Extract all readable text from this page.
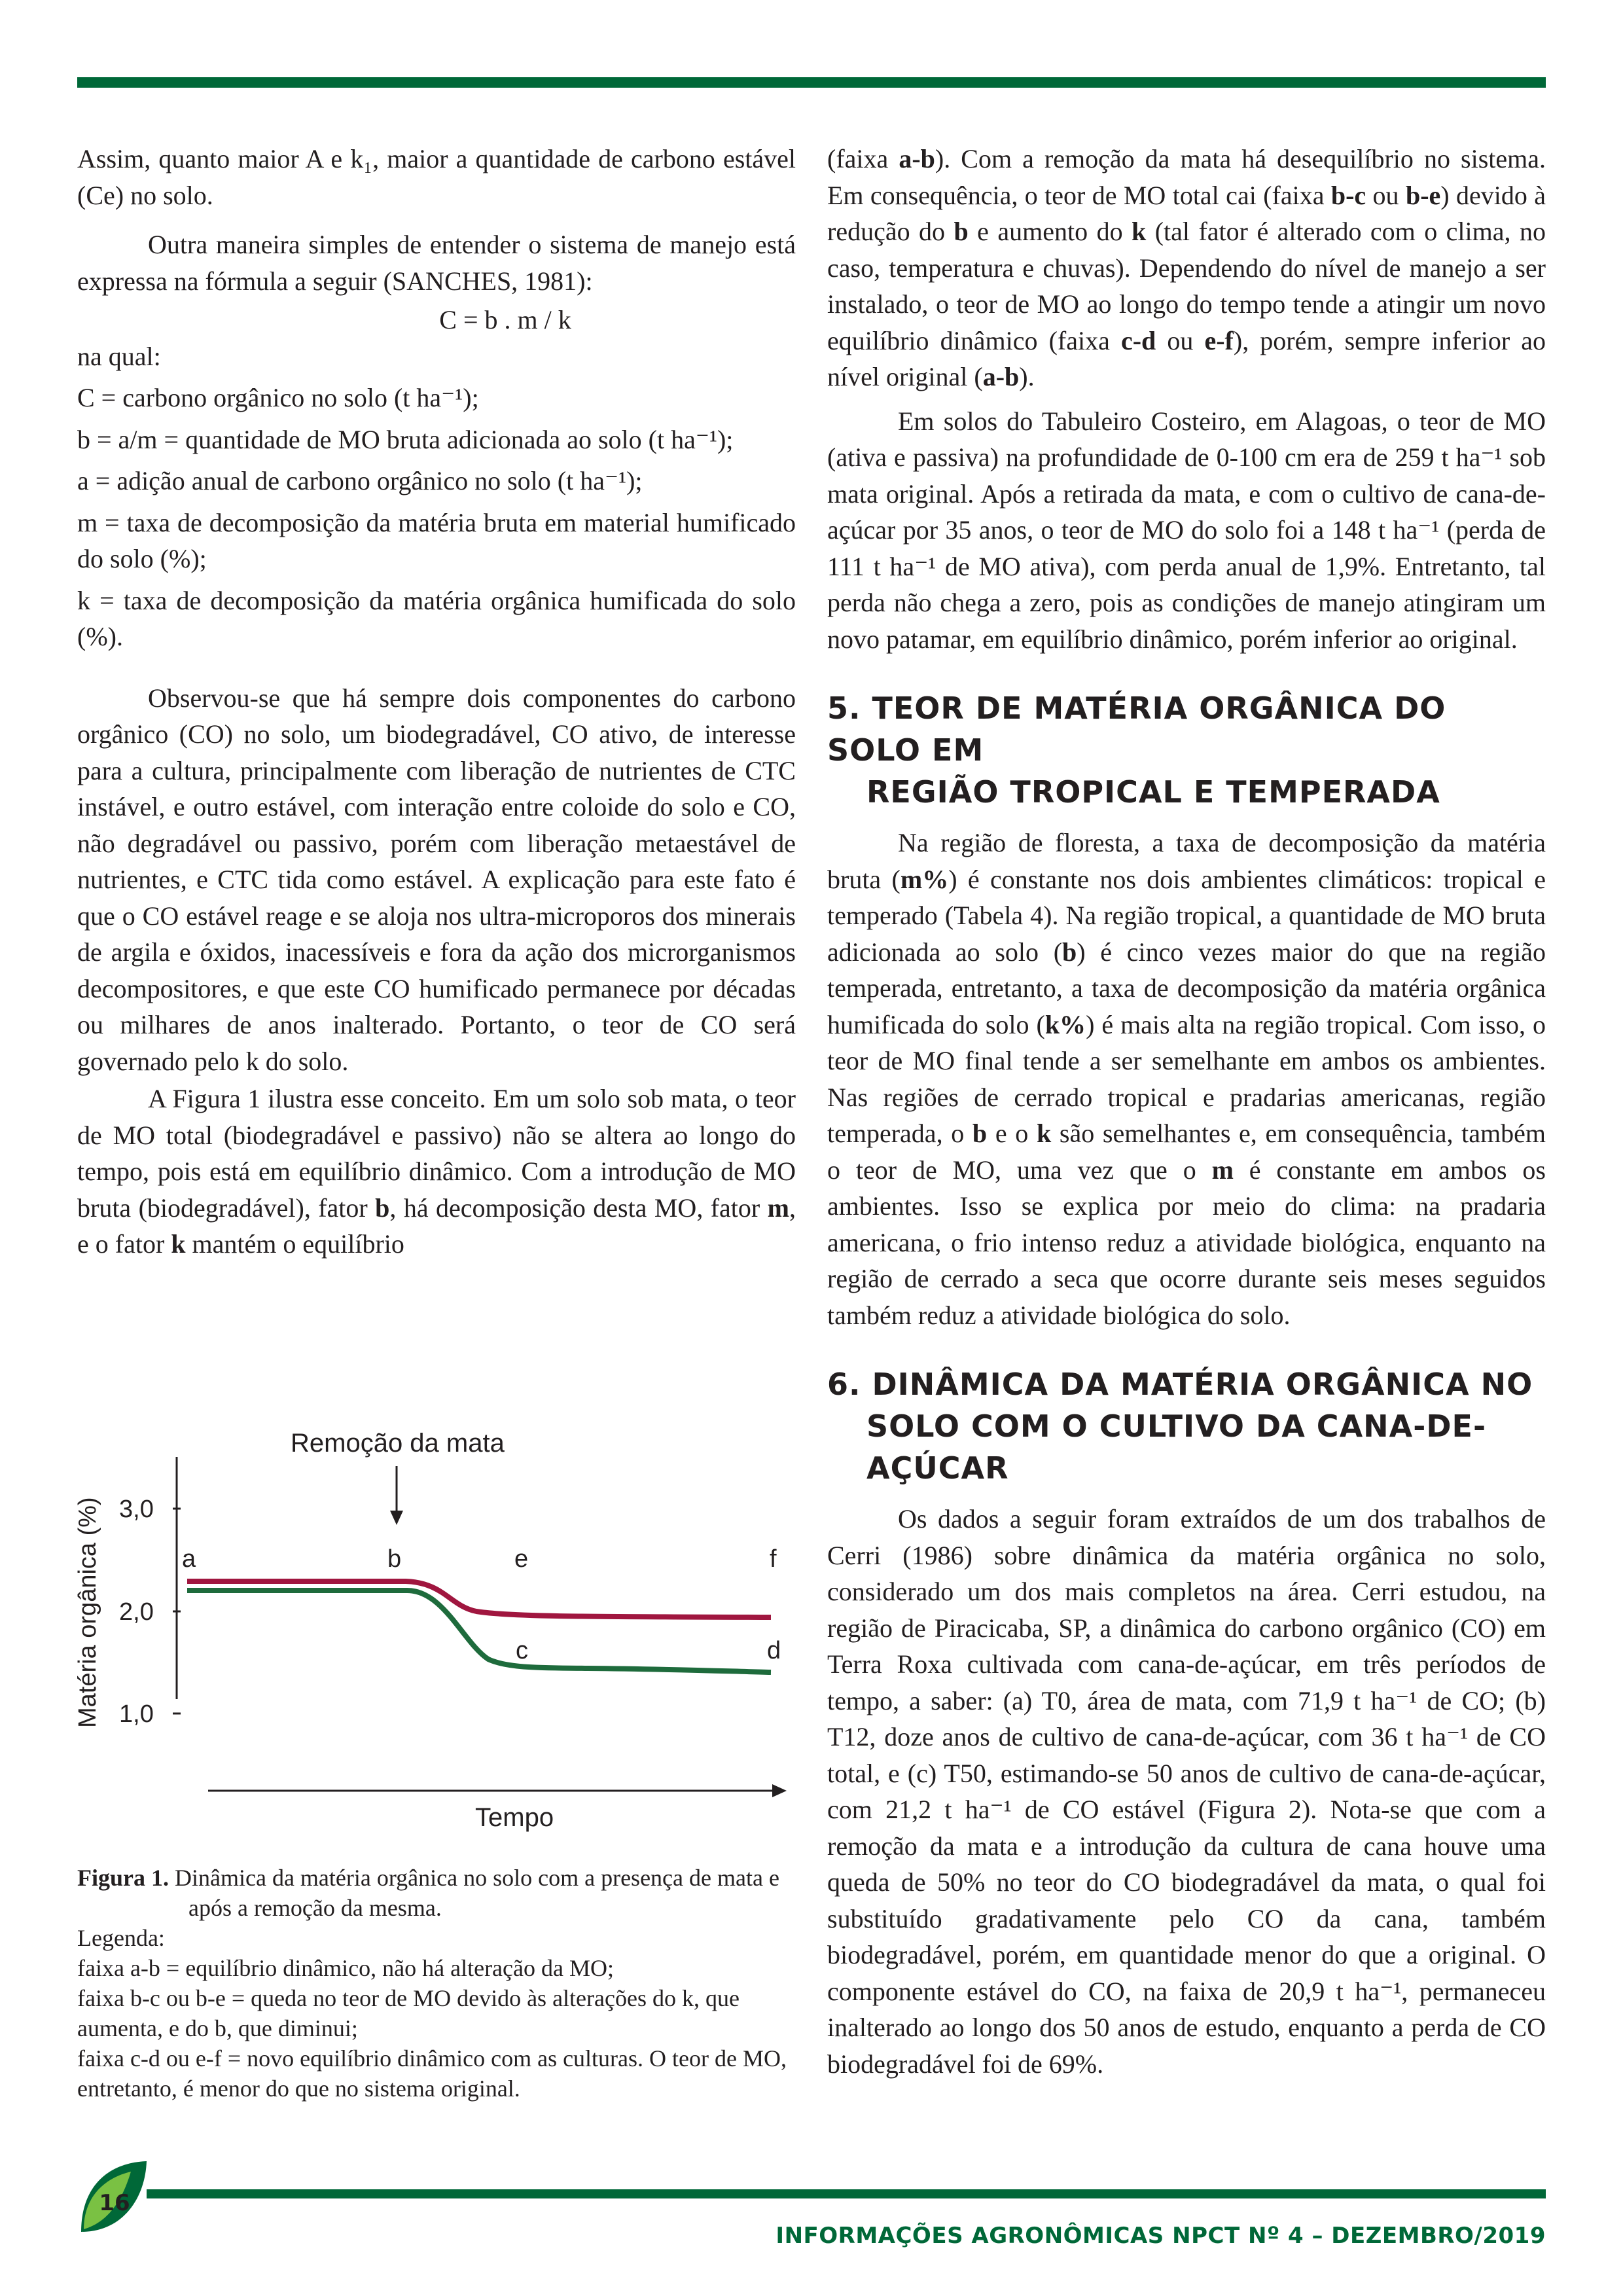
Assim, quanto maior A e k₁, maior a quantidade de carbono estável (Ce) no solo.

Outra maneira simples de entender o sistema de manejo está expressa na fórmula a seguir (SANCHES, 1981):

C = b . m / k
na qual:
C = carbono orgânico no solo (t ha⁻¹);
b = a/m = quantidade de MO bruta adicionada ao solo (t ha⁻¹);
a = adição anual de carbono orgânico no solo (t ha⁻¹);
m = taxa de decomposição da matéria bruta em material humificado do solo (%);
k = taxa de decomposição da matéria orgânica humificada do solo (%).

Observou-se que há sempre dois componentes do carbono orgânico (CO) no solo, um biodegradável, CO ativo, de interesse para a cultura, principalmente com liberação de nutrientes de CTC instável, e outro estável, com interação entre coloide do solo e CO, não degradável ou passivo, porém com liberação metaestável de nutrientes, e CTC tida como estável. A explicação para este fato é que o CO estável reage e se aloja nos ultra-microporos dos minerais de argila e óxidos, inacessíveis e fora da ação dos microrganismos decompositores, e que este CO humificado permanece por décadas ou milhares de anos inalterado. Portanto, o teor de CO será governado pelo k do solo.

A Figura 1 ilustra esse conceito. Em um solo sob mata, o teor de MO total (biodegradável e passivo) não se altera ao longo do tempo, pois está em equilíbrio dinâmico. Com a introdução de MO bruta (biodegradável), fator b, há decomposição desta MO, fator m, e o fator k mantém o equilíbrio

Remoção da mata
Matéria orgânica (%) 3,0
2,0
1,0
a	b	e	f
c	d
Tempo

Figura 1. Dinâmica da matéria orgânica no solo com a presença de mata e após a remoção da mesma.

Legenda:

faixa a-b = equilíbrio dinâmico, não há alteração da MO;

faixa b-c ou b-e = queda no teor de MO devido às alterações do k, que aumenta, e do b, que diminui;

faixa c-d ou e-f = novo equilíbrio dinâmico com as culturas. O teor de MO, entretanto, é menor do que no sistema original.

(faixa a-b). Com a remoção da mata há desequilíbrio no sistema. Em consequência, o teor de MO total cai (faixa b-c ou b-e) devido à redução do b e aumento do k (tal fator é alterado com o clima, no caso, temperatura e chuvas). Dependendo do nível de manejo a ser instalado, o teor de MO ao longo do tempo tende a atingir um novo equilíbrio dinâmico (faixa c-d ou e-f), porém, sempre inferior ao nível original (a-b).

Em solos do Tabuleiro Costeiro, em Alagoas, o teor de MO (ativa e passiva) na profundidade de 0-100 cm era de 259 t ha⁻¹ sob mata original. Após a retirada da mata, e com o cultivo de cana-de-açúcar por 35 anos, o teor de MO do solo foi a 148 t ha⁻¹ (perda de 111 t ha⁻¹ de MO ativa), com perda anual de 1,9%. Entretanto, tal perda não chega a zero, pois as condições de manejo atingiram um novo patamar, em equilíbrio dinâmico, porém inferior ao original.

5. TEOR DE MATÉRIA ORGÂNICA DO SOLO EM
REGIÃO TROPICAL E TEMPERADA

Na região de floresta, a taxa de decomposição da matéria bruta (m%) é constante nos dois ambientes climáticos: tropical e temperado (Tabela 4). Na região tropical, a quantidade de MO bruta adicionada ao solo (b) é cinco vezes maior do que na região temperada, entretanto, a taxa de decomposição da matéria orgânica humificada do solo (k%) é mais alta na região tropical. Com isso, o teor de MO final tende a ser semelhante em ambos os ambientes. Nas regiões de cerrado tropical e pradarias americanas, região temperada, o b e o k são semelhantes e, em consequência, também o teor de MO, uma vez que o m é constante em ambos os ambientes. Isso se explica por meio do clima: na pradaria americana, o frio intenso reduz a atividade biológica, enquanto na região de cerrado a seca que ocorre durante seis meses seguidos também reduz a atividade biológica do solo.

6. DINÂMICA DA MATÉRIA ORGÂNICA NO
SOLO COM O CULTIVO DA CANA-DE-AÇÚCAR

Os dados a seguir foram extraídos de um dos trabalhos de Cerri (1986) sobre dinâmica da matéria orgânica no solo, considerado um dos mais completos na área. Cerri estudou, na região de Piracicaba, SP, a dinâmica do carbono orgânico (CO) em Terra Roxa cultivada com cana-de-açúcar, em três períodos de tempo, a saber: (a) T0, área de mata, com 71,9 t ha⁻¹ de CO; (b) T12, doze anos de cultivo de cana-de-açúcar, com 36 t ha⁻¹ de CO total, e (c) T50, estimando-se 50 anos de cultivo de cana-de-açúcar, com 21,2 t ha⁻¹ de CO estável (Figura 2). Nota-se que com a remoção da mata e a introdução da cultura de cana houve uma queda de 50% no teor do CO biodegradável da mata, o qual foi substituído gradativamente pelo CO da cana, também biodegradável, porém, em quantidade menor do que a original. O componente estável do CO, na faixa de 20,9 t ha⁻¹, permaneceu inalterado ao longo dos 50 anos de estudo, enquanto a perda de CO biodegradável foi de 69%.

16
INFORMAÇÕES AGRONÔMICAS NPCT Nº 4 – DEZEMBRO/2019
